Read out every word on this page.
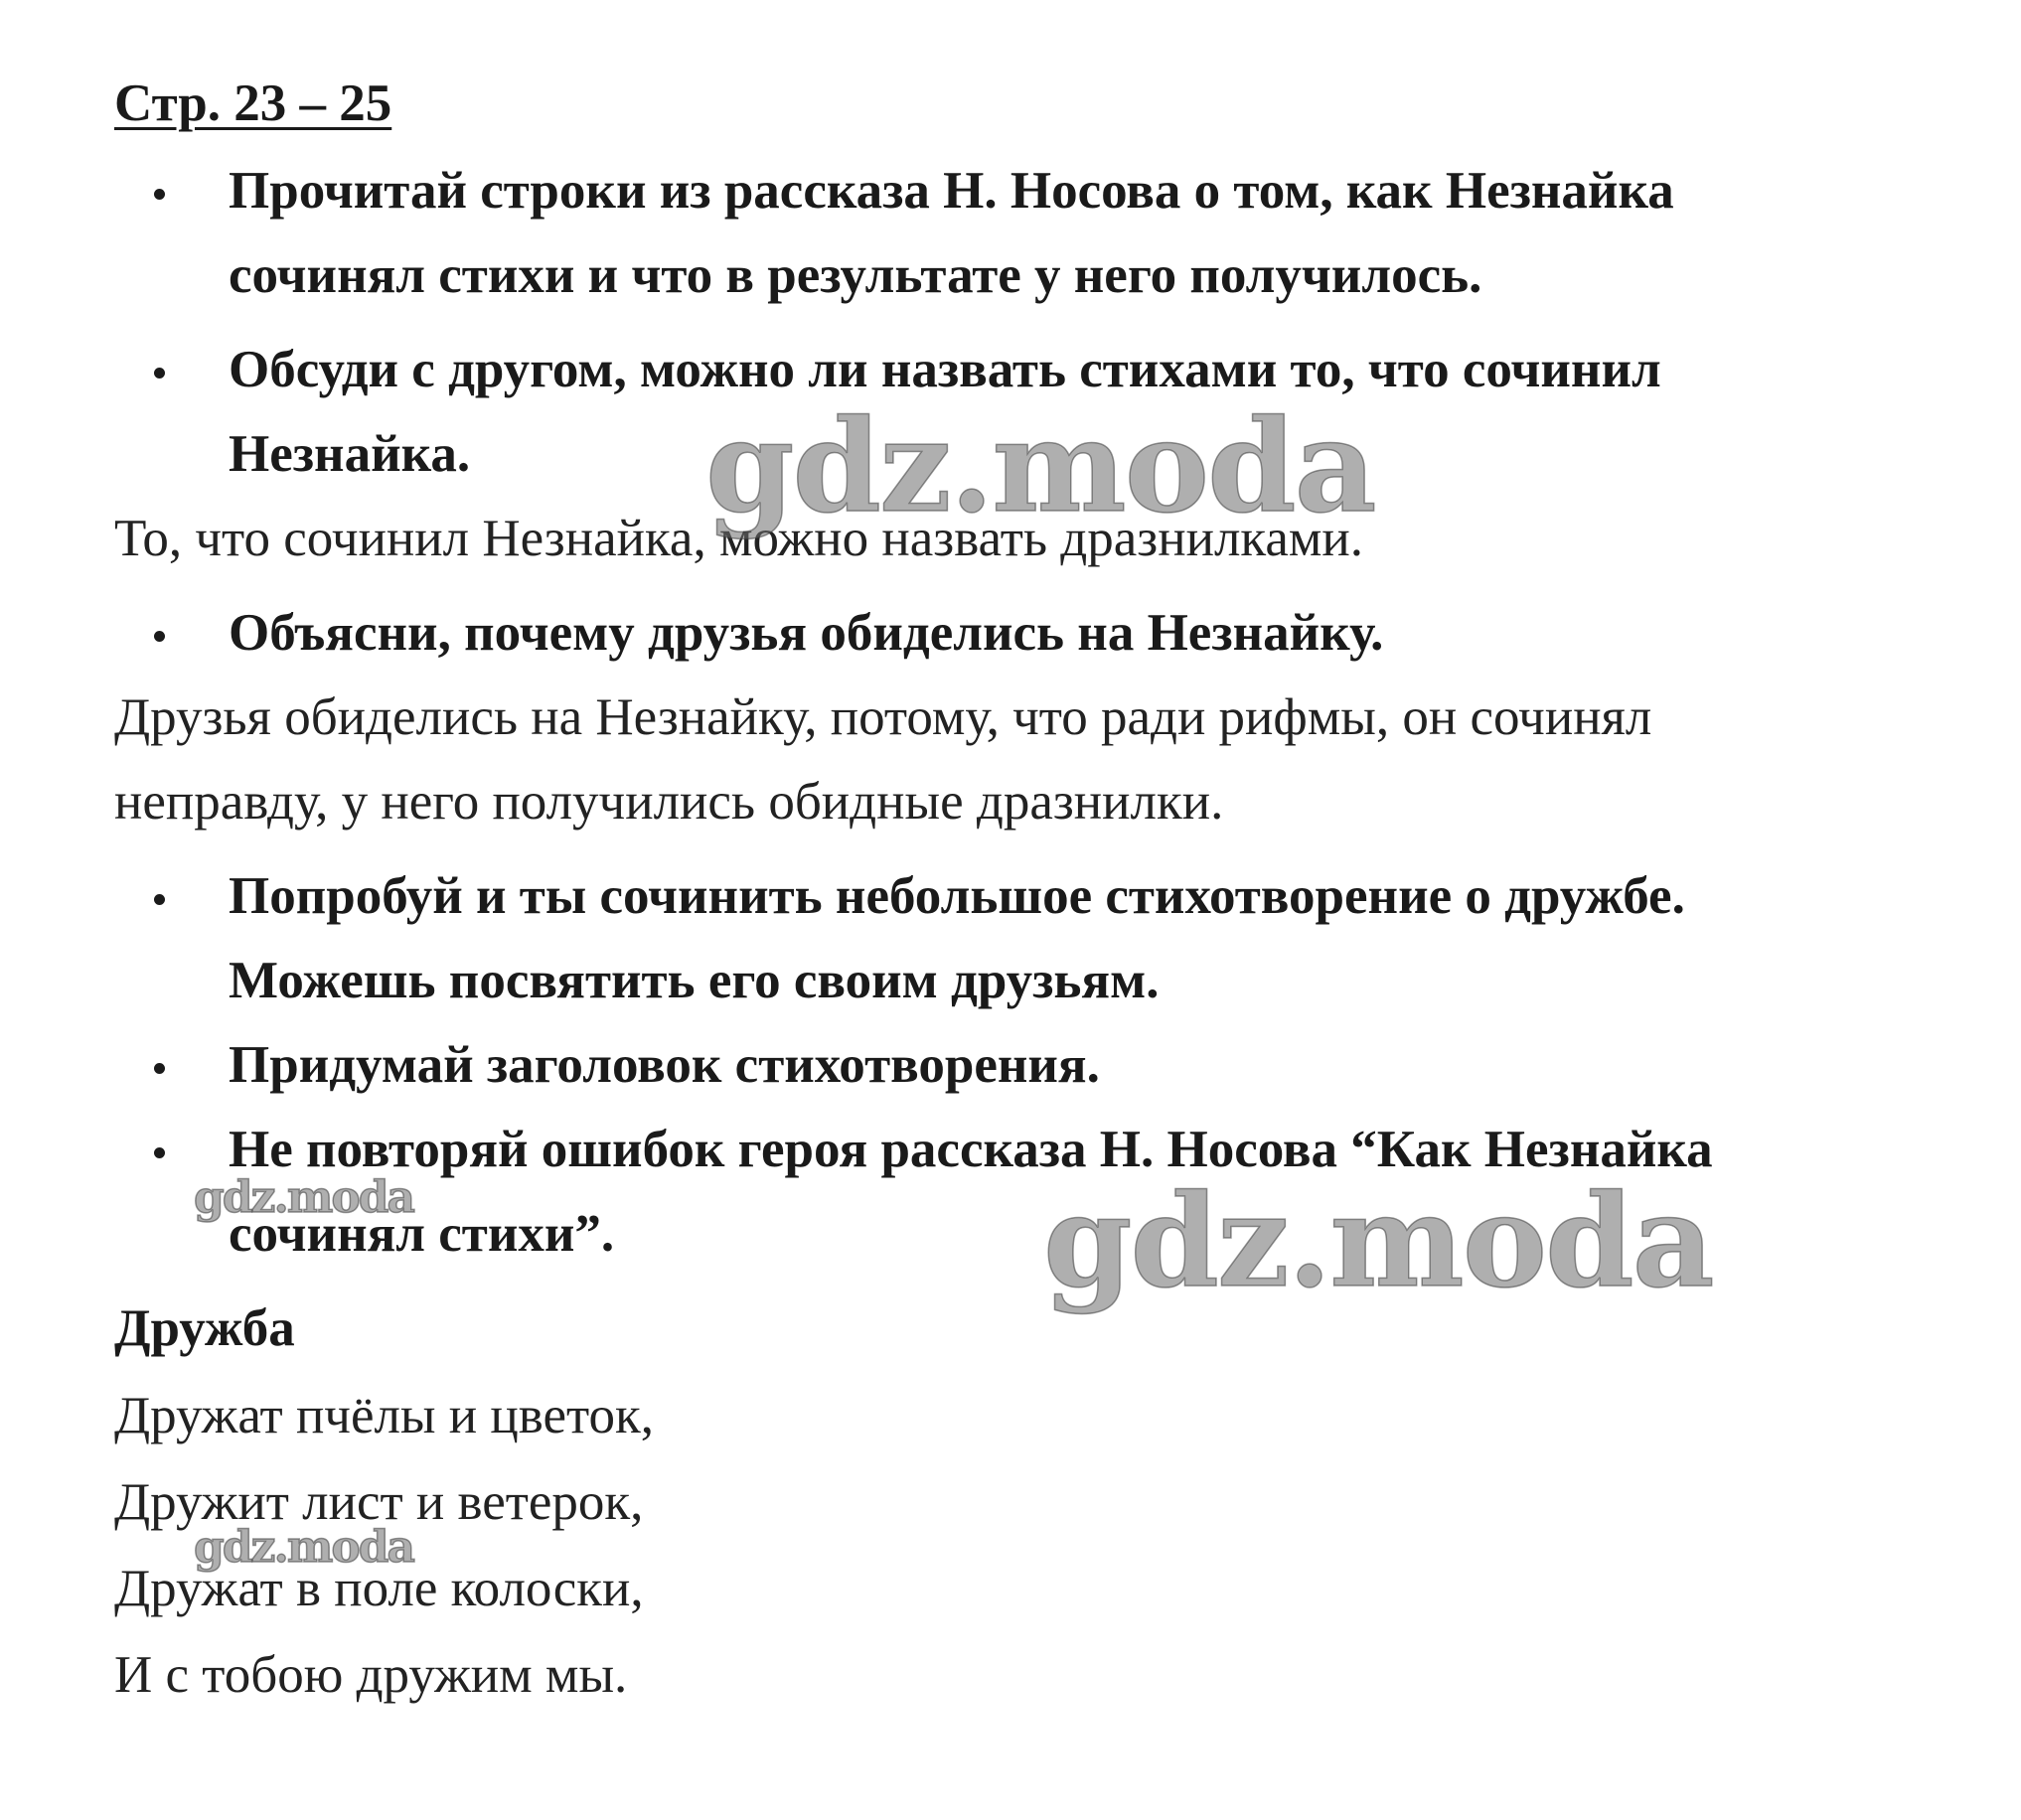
Стр. 23 – 25
Прочитай строки из рассказа Н. Носова о том, как Незнайка
сочинял стихи и что в результате у него получилось.
Обсуди с другом, можно ли назвать стихами то, что сочинил
Незнайка.
То, что сочинил Незнайка, можно назвать дразнилками.
Объясни, почему друзья обиделись на Незнайку.
Друзья обиделись на Незнайку, потому, что ради рифмы, он сочинял
неправду, у него получились обидные дразнилки.
Попробуй и ты сочинить небольшое стихотворение о дружбе.
Можешь посвятить его своим друзьям.
Придумай заголовок стихотворения.
Не повторяй ошибок героя рассказа Н. Носова “Как Незнайка
сочинял стихи”.
Дружба
Дружат пчёлы и цветок,
Дружит лист и ветерок,
Дружат в поле колоски,
И с тобою дружим мы.
gdz.moda
gdz.moda
gdz.moda
gdz.moda
